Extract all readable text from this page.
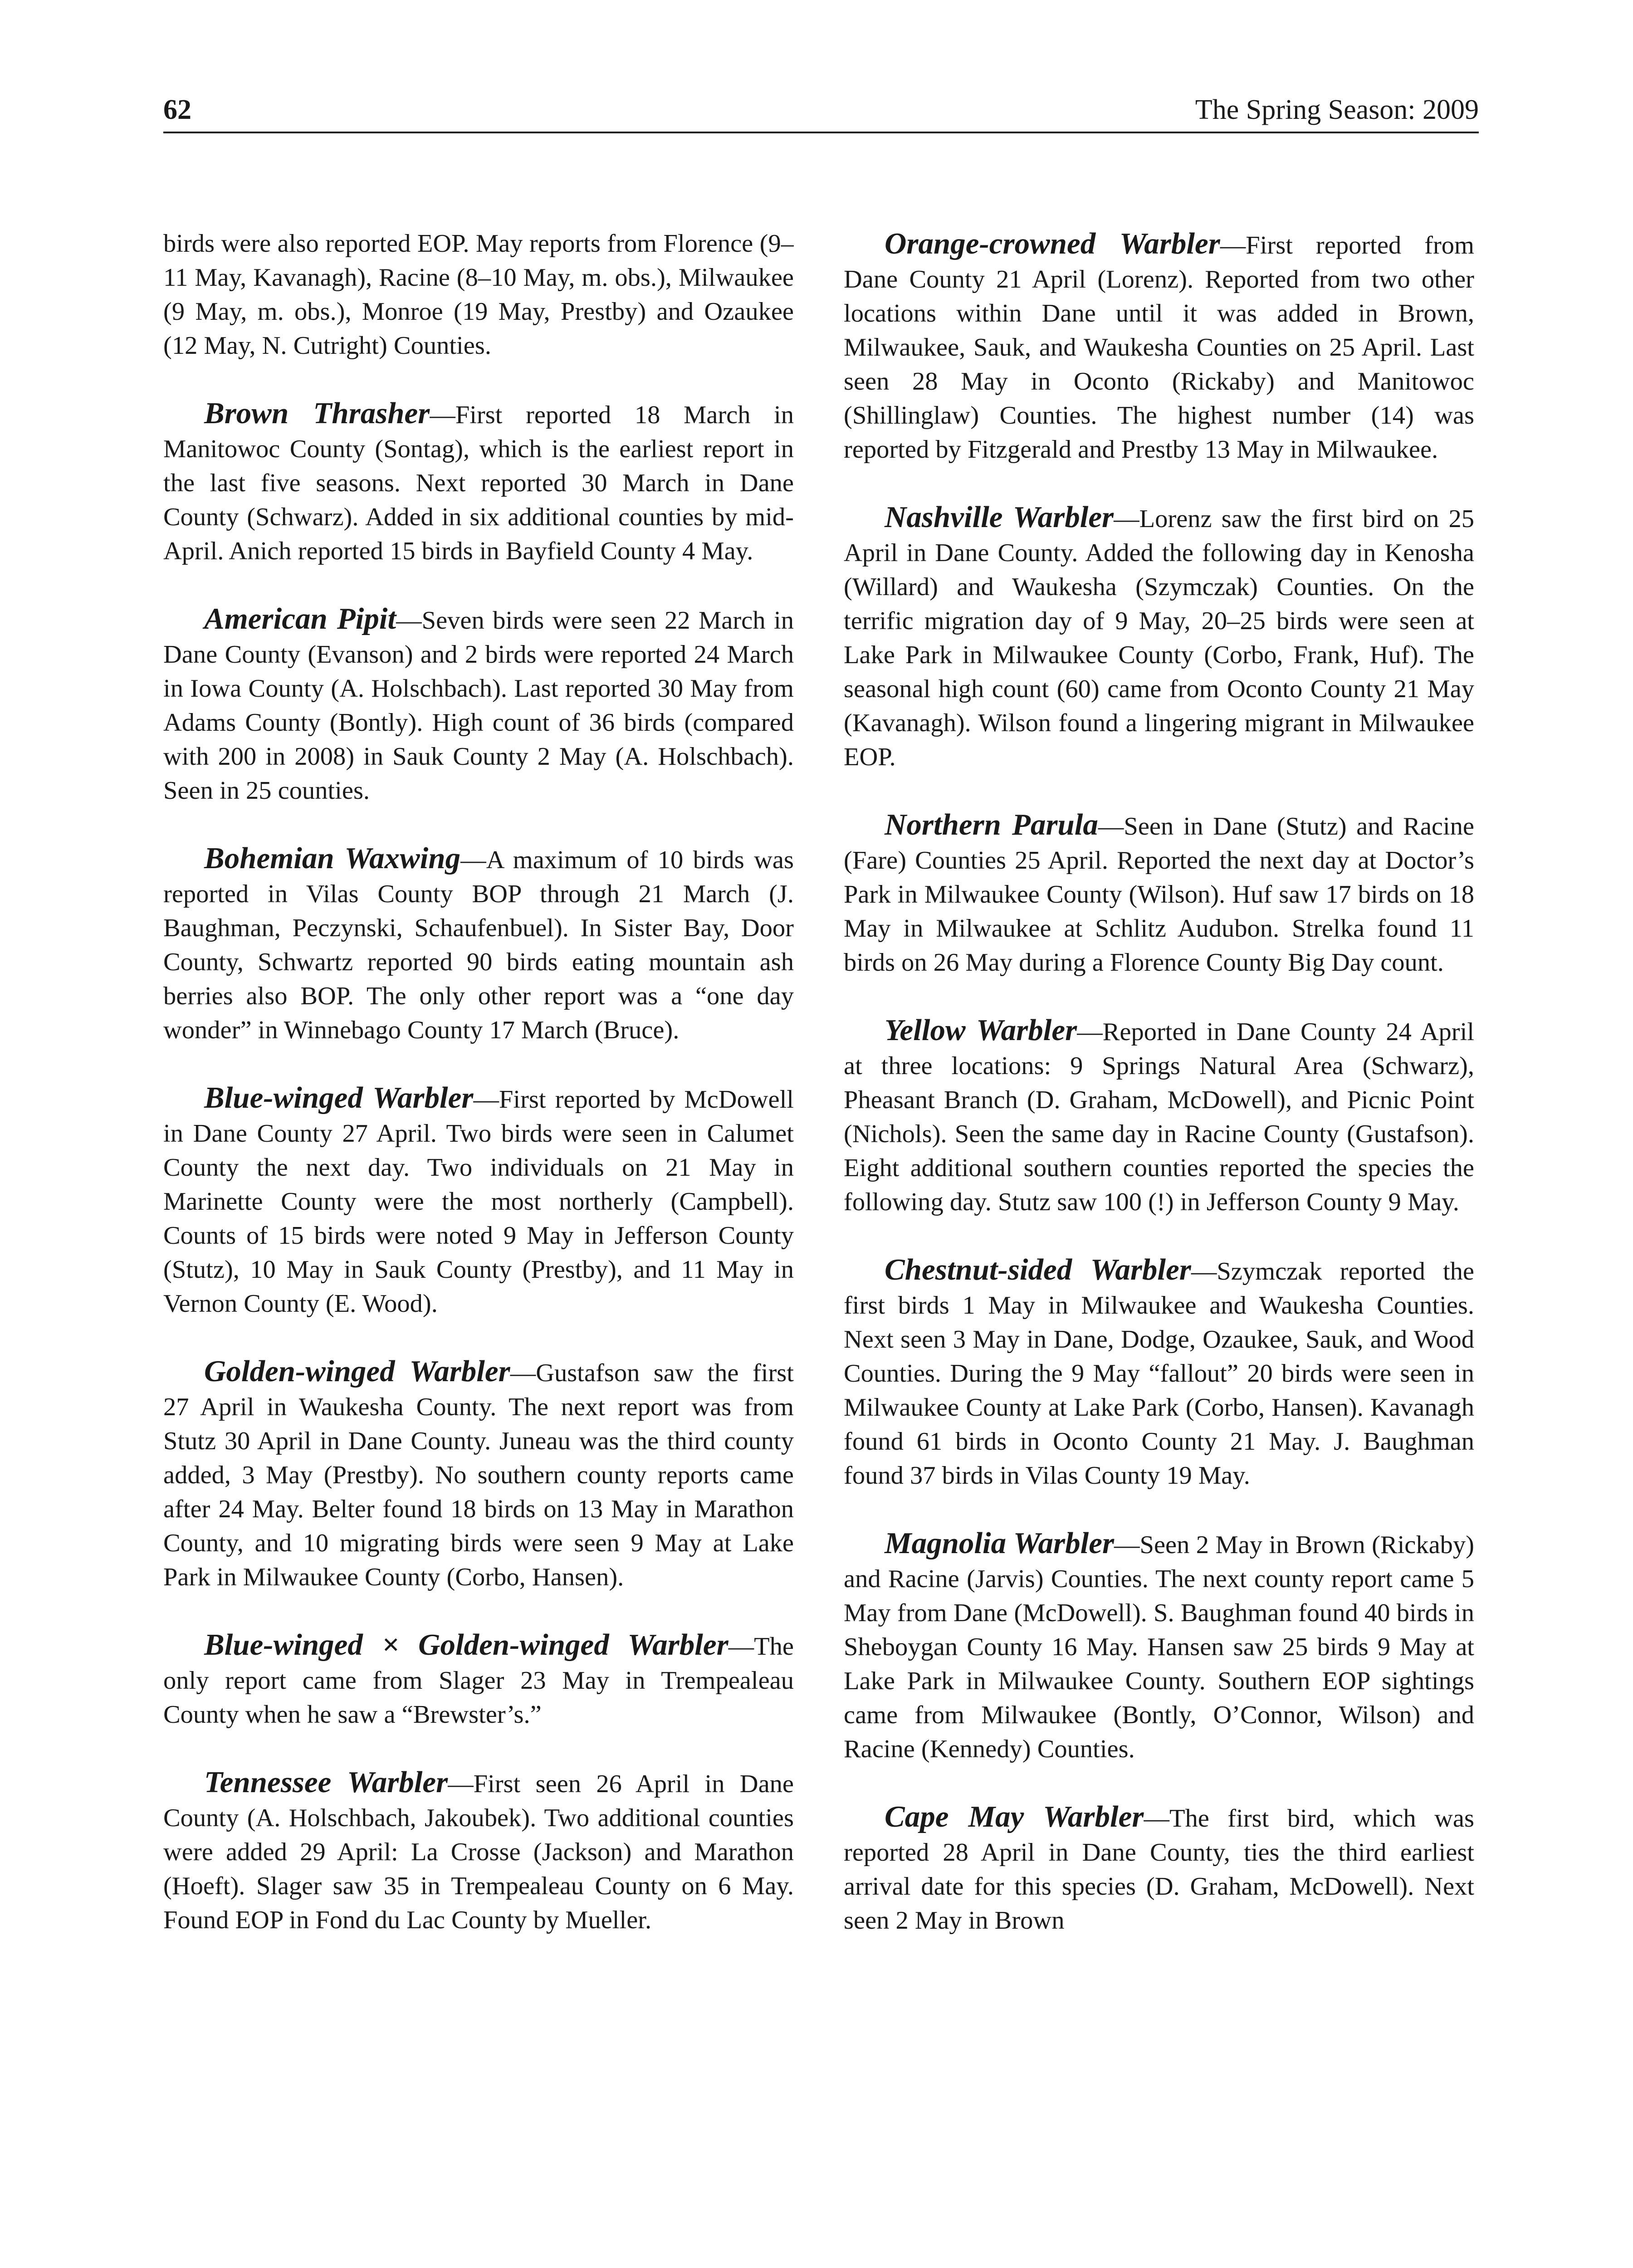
62	The Spring Season: 2009

birds were also reported EOP. May reports from Florence (9–11 May, Kavanagh), Racine (8–10 May, m. obs.), Milwaukee (9 May, m. obs.), Monroe (19 May, Prestby) and Ozaukee (12 May, N. Cutright) Counties.

Brown Thrasher—First reported 18 March in Manitowoc County (Sontag), which is the earliest report in the last five seasons. Next reported 30 March in Dane County (Schwarz). Added in six additional counties by mid-April. Anich reported 15 birds in Bayfield County 4 May.

American Pipit—Seven birds were seen 22 March in Dane County (Evanson) and 2 birds were reported 24 March in Iowa County (A. Holschbach). Last reported 30 May from Adams County (Bontly). High count of 36 birds (compared with 200 in 2008) in Sauk County 2 May (A. Holschbach). Seen in 25 counties.

Bohemian Waxwing—A maximum of 10 birds was reported in Vilas County BOP through 21 March (J. Baughman, Peczynski, Schaufenbuel). In Sister Bay, Door County, Schwartz reported 90 birds eating mountain ash berries also BOP. The only other report was a “one day wonder” in Winnebago County 17 March (Bruce).

Blue-winged Warbler—First reported by McDowell in Dane County 27 April. Two birds were seen in Calumet County the next day. Two individuals on 21 May in Marinette County were the most northerly (Campbell). Counts of 15 birds were noted 9 May in Jefferson County (Stutz), 10 May in Sauk County (Prestby), and 11 May in Vernon County (E. Wood).

Golden-winged Warbler—Gustafson saw the first 27 April in Waukesha County. The next report was from Stutz 30 April in Dane County. Juneau was the third county added, 3 May (Prestby). No southern county reports came after 24 May. Belter found 18 birds on 13 May in Marathon County, and 10 migrating birds were seen 9 May at Lake Park in Milwaukee County (Corbo, Hansen).

Blue-winged × Golden-winged Warbler—The only report came from Slager 23 May in Trempealeau County when he saw a “Brewster’s.”

Tennessee Warbler—First seen 26 April in Dane County (A. Holschbach, Jakoubek). Two additional counties were added 29 April: La Crosse (Jackson) and Marathon (Hoeft). Slager saw 35 in Trempealeau County on 6 May. Found EOP in Fond du Lac County by Mueller.

Orange-crowned Warbler—First reported from Dane County 21 April (Lorenz). Reported from two other locations within Dane until it was added in Brown, Milwaukee, Sauk, and Waukesha Counties on 25 April. Last seen 28 May in Oconto (Rickaby) and Manitowoc (Shillinglaw) Counties. The highest number (14) was reported by Fitzgerald and Prestby 13 May in Milwaukee.

Nashville Warbler—Lorenz saw the first bird on 25 April in Dane County. Added the following day in Kenosha (Willard) and Waukesha (Szymczak) Counties. On the terrific migration day of 9 May, 20–25 birds were seen at Lake Park in Milwaukee County (Corbo, Frank, Huf). The seasonal high count (60) came from Oconto County 21 May (Kavanagh). Wilson found a lingering migrant in Milwaukee EOP.

Northern Parula—Seen in Dane (Stutz) and Racine (Fare) Counties 25 April. Reported the next day at Doctor’s Park in Milwaukee County (Wilson). Huf saw 17 birds on 18 May in Milwaukee at Schlitz Audubon. Strelka found 11 birds on 26 May during a Florence County Big Day count.

Yellow Warbler—Reported in Dane County 24 April at three locations: 9 Springs Natural Area (Schwarz), Pheasant Branch (D. Graham, McDowell), and Picnic Point (Nichols). Seen the same day in Racine County (Gustafson). Eight additional southern counties reported the species the following day. Stutz saw 100 (!) in Jefferson County 9 May.

Chestnut-sided Warbler—Szymczak reported the first birds 1 May in Milwaukee and Waukesha Counties. Next seen 3 May in Dane, Dodge, Ozaukee, Sauk, and Wood Counties. During the 9 May “fallout” 20 birds were seen in Milwaukee County at Lake Park (Corbo, Hansen). Kavanagh found 61 birds in Oconto County 21 May. J. Baughman found 37 birds in Vilas County 19 May.

Magnolia Warbler—Seen 2 May in Brown (Rickaby) and Racine (Jarvis) Counties. The next county report came 5 May from Dane (McDowell). S. Baughman found 40 birds in Sheboygan County 16 May. Hansen saw 25 birds 9 May at Lake Park in Milwaukee County. Southern EOP sightings came from Milwaukee (Bontly, O’Connor, Wilson) and Racine (Kennedy) Counties.

Cape May Warbler—The first bird, which was reported 28 April in Dane County, ties the third earliest arrival date for this species (D. Graham, McDowell). Next seen 2 May in Brown
